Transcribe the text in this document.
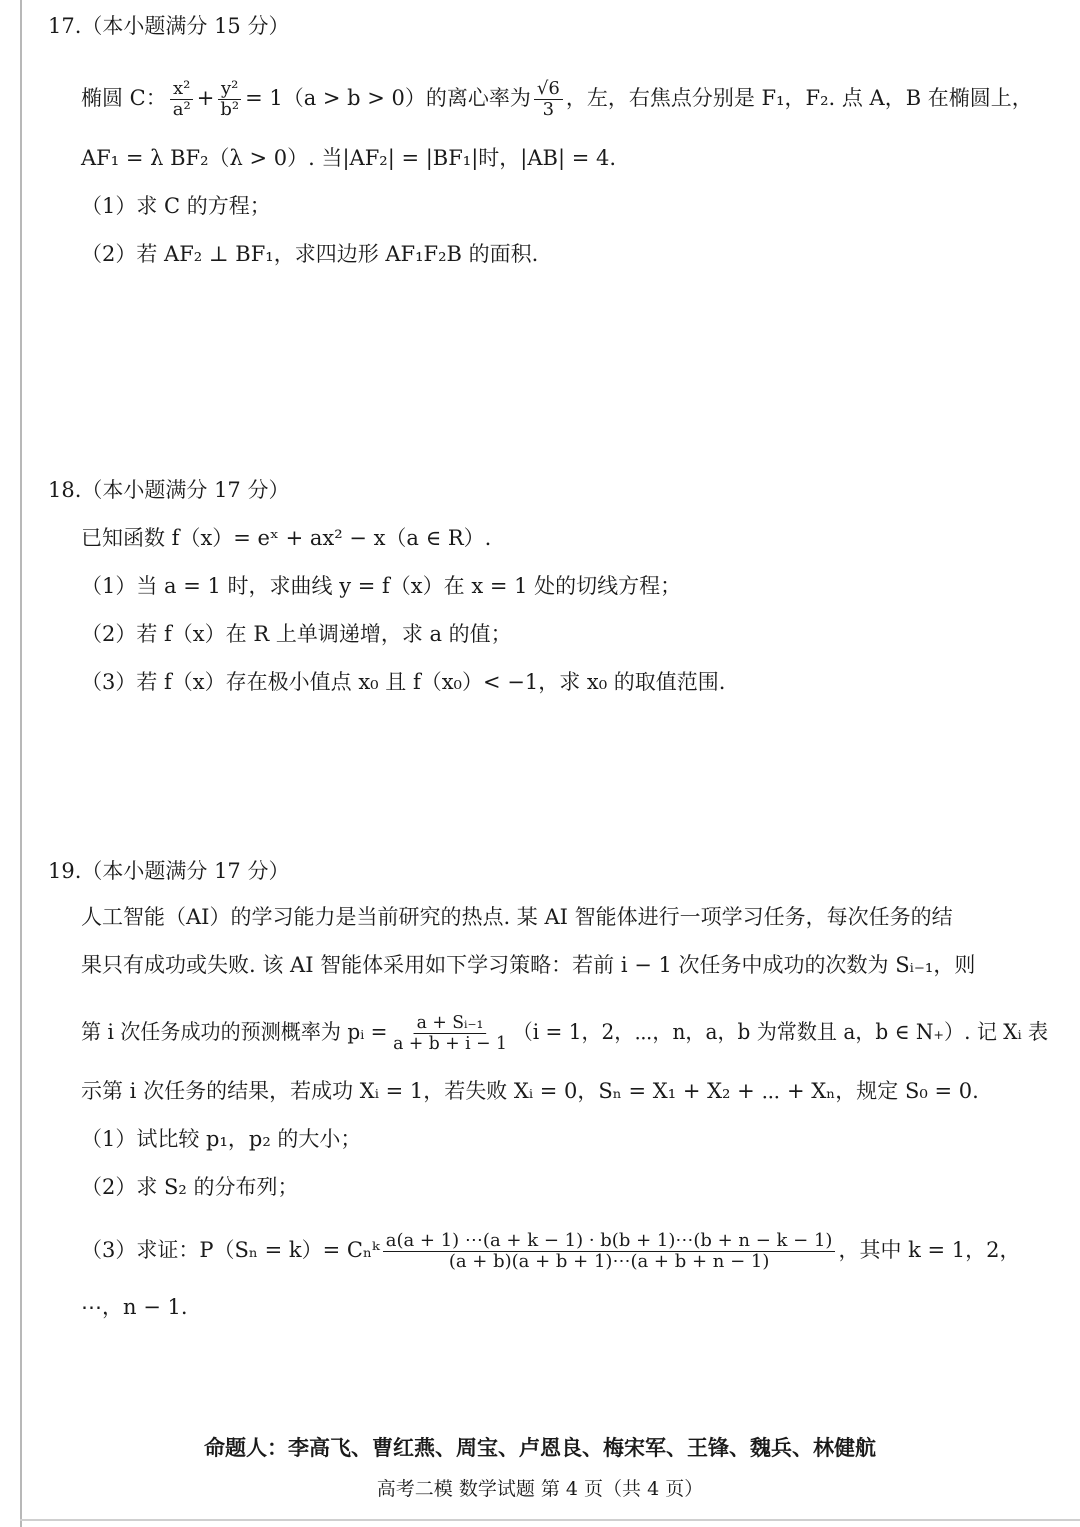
17.（本小题满分 15 分）
椭圆 C： $\frac{\text{x²}}{\text{a²}} + \frac{\text{y²}}{\text{b²}} = 1(a > b > 0)$的离心率为 $\frac{√6}{3}$ ，左，右焦点分别是 F₁，F₂. 点 A，B 在椭圆上，
AF₁ = λ BF₂（λ > 0）. 当|AF₂| = |BF₁|时，|AB| = 4.
（1）求 C 的方程；
（2）若 AF₂ ⊥ BF₁，求四边形 AF₁F₂B 的面积.
18.（本小题满分 17 分）
已知函数 f（x）= eˣ + ax² − x（a ∈ R）.
（1）当 a = 1 时，求曲线 y = f（x）在 x = 1 处的切线方程；
（2）若 f（x）在 R 上单调递增，求 a 的值；
（3）若 f（x）存在极小值点 x₀ 且 f（x₀）< −1，求 x₀ 的取值范围.
19.（本小题满分 17 分）
人工智能（AI）的学习能力是当前研究的热点. 某 AI 智能体进行一项学习任务，每次任务的结
果只有成功或失败. 该 AI 智能体采用如下学习策略：若前 i − 1 次任务中成功的次数为 Sᵢ₋₁，则
第 i 次任务成功的预测概率为 pᵢ = $\frac{\text{a + Sᵢ₋₁}}{a + b + i - 1} (i = 1$，2，⋯，n，a，b 为常数且 a，b ∈ N₊）. 记 Xᵢ 表
示第 i 次任务的结果，若成功 Xᵢ = 1，若失败 Xᵢ = 0，Sₙ = X₁ + X₂ + ⋯ + Xₙ，规定 S₀ = 0.
（1）试比较 p₁，p₂ 的大小；
（2）求 S₂ 的分布列；
（3）求证：P（Sₙ = k）= Cₙᵏ $\frac{a(a + 1) \cdots(a + k - 1) \cdot b(b + 1)\cdots(b + n - k - 1)}{(a + b)(a + b + 1)\cdots(a + b + n - 1)}$ ，其中 k = 1，2，
⋯，n − 1.
命题人：李高飞、曹红燕、周宝、卢恩良、梅宋军、王锋、魏兵、林健航
高考二模 数学试题 第 4 页（共 4 页）
